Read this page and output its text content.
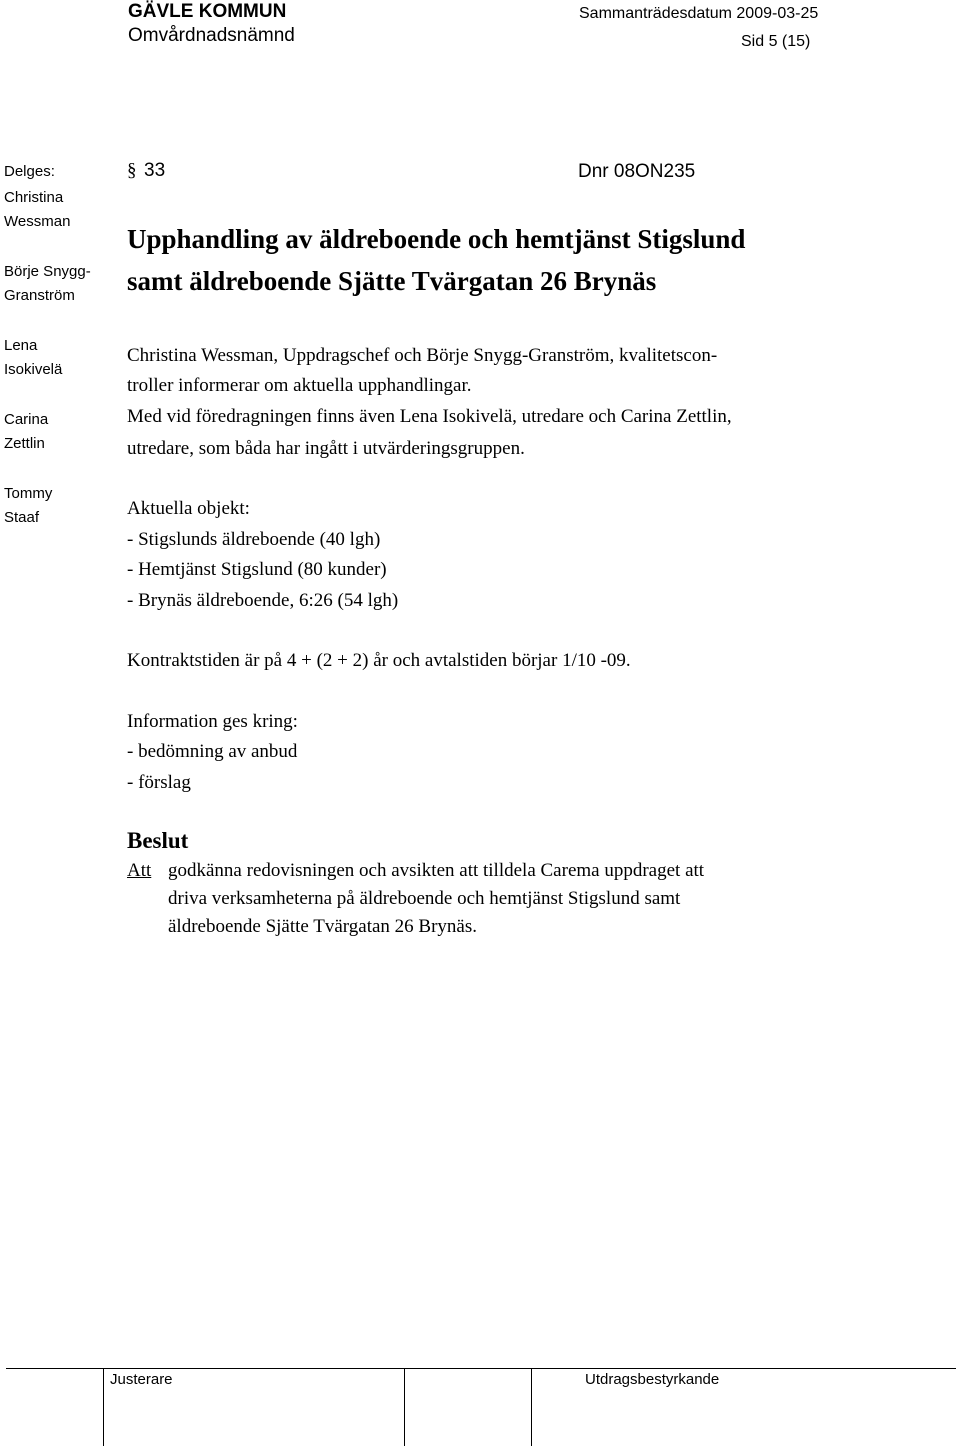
GÄVLE KOMMUN
Omvårdnadsnämnd
Sammanträdesdatum 2009-03-25
Sid 5 (15)
Delges:
Christina
Wessman
Börje Snygg-
Granström
Lena
Isokivelä
Carina
Zettlin
Tommy
Staaf
§ 33	Dnr 08ON235
Upphandling av äldreboende och hemtjänst Stigslund
samt äldreboende Sjätte Tvärgatan 26 Brynäs
Christina Wessman, Uppdragschef och Börje Snygg-Granström, kvalitetscon-
troller informerar om aktuella upphandlingar.
Med vid föredragningen finns även Lena Isokivelä, utredare och Carina Zettlin,
utredare, som båda har ingått i utvärderingsgruppen.
Aktuella objekt:
- Stigslunds äldreboende (40 lgh)
- Hemtjänst Stigslund (80 kunder)
- Brynäs äldreboende, 6:26 (54 lgh)
Kontraktstiden är på 4 + (2 + 2) år och avtalstiden börjar 1/10 -09.
Information ges kring:
- bedömning av anbud
- förslag
Beslut
Att godkänna redovisningen och avsikten att tilldela Carema uppdraget att
driva verksamheterna på äldreboende och hemtjänst Stigslund samt
äldreboende Sjätte Tvärgatan 26 Brynäs.
Justerare	Utdragsbestyrkande
